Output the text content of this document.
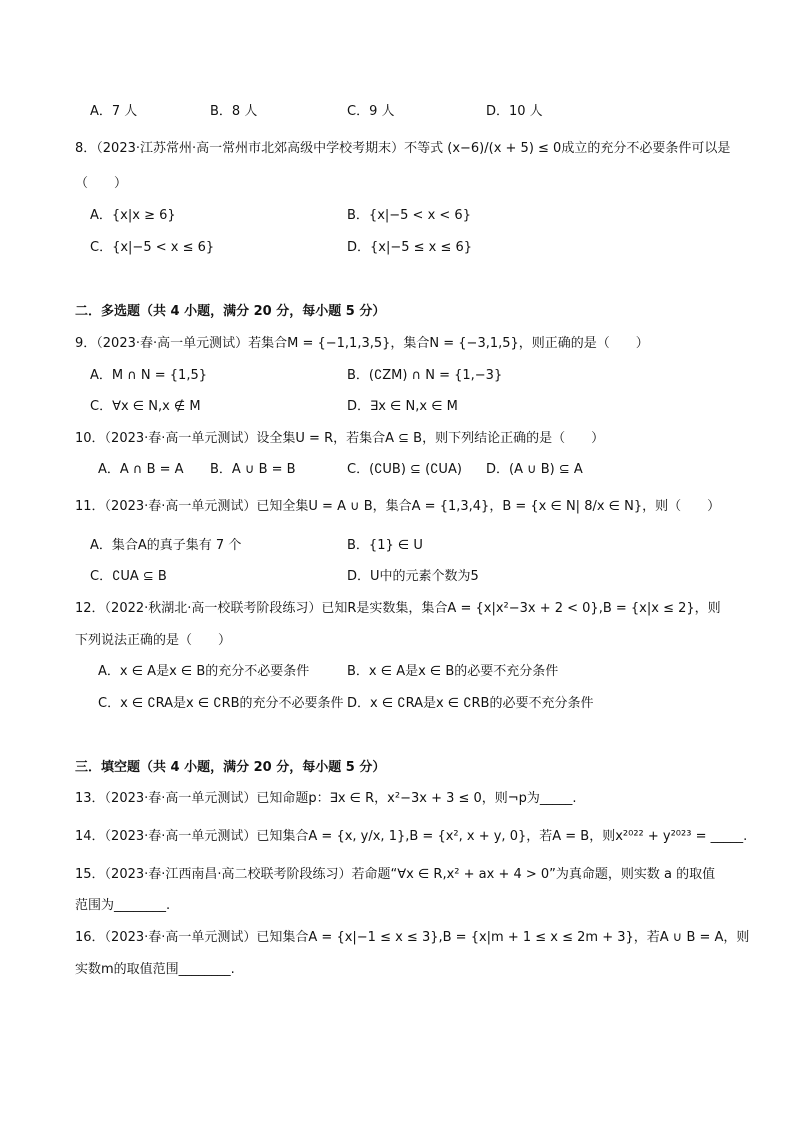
A．7 人	B．8 人	C．9 人	D．10 人
8．（2023·江苏常州·高一常州市北郊高级中学校考期末）不等式 (x−6)/(x + 5) ≤ 0成立的充分不必要条件可以是
（　　）
A．{x|x ≥ 6}	B．{x|−5 < x < 6}
C．{x|−5 < x ≤ 6}	D．{x|−5 ≤ x ≤ 6}
二．多选题（共 4 小题，满分 20 分，每小题 5 分）
9．（2023·春·高一单元测试）若集合M = {−1,1,3,5}，集合N = {−3,1,5}，则正确的是（　　）
A．M ∩ N = {1,5}	B．(∁ZM) ∩ N = {1,−3}
C．∀x ∈ N,x ∉ M	D．∃x ∈ N,x ∈ M
10．（2023·春·高一单元测试）设全集U = R，若集合A ⊆ B，则下列结论正确的是（　　）
A．A ∩ B = A B．A ∪ B = B	C．(∁UB) ⊆ (∁UA) D．(A ∪ B) ⊆ A
11．（2023·春·高一单元测试）已知全集U = A ∪ B，集合A = {1,3,4}，B = {x ∈ N| 8/x ∈ N}，则（　　）
A．集合A的真子集有 7 个	B．{1} ∈ U
C．∁UA ⊆ B	D．U中的元素个数为5
12．（2022·秋湖北·高一校联考阶段练习）已知R是实数集，集合A = {x|x²−3x + 2 < 0},B = {x|x ≤ 2}，则
下列说法正确的是（　　）
A．x ∈ A是x ∈ B的充分不必要条件	B．x ∈ A是x ∈ B的必要不充分条件
C．x ∈ ∁RA是x ∈ ∁RB的充分不必要条件 D．x ∈ ∁RA是x ∈ ∁RB的必要不充分条件
三．填空题（共 4 小题，满分 20 分，每小题 5 分）
13．（2023·春·高一单元测试）已知命题p：∃x ∈ R，x²−3x + 3 ≤ 0，则¬p为_____.
14．（2023·春·高一单元测试）已知集合A = {x, y/x, 1},B = {x², x + y, 0}，若A = B，则x²⁰²² + y²⁰²³ = _____.
15．（2023·春·江西南昌·高二校联考阶段练习）若命题“∀x ∈ R,x² + ax + 4 > 0”为真命题，则实数 a 的取值
范围为________.
16．（2023·春·高一单元测试）已知集合A = {x|−1 ≤ x ≤ 3},B = {x|m + 1 ≤ x ≤ 2m + 3}，若A ∪ B = A，则
实数m的取值范围________.
